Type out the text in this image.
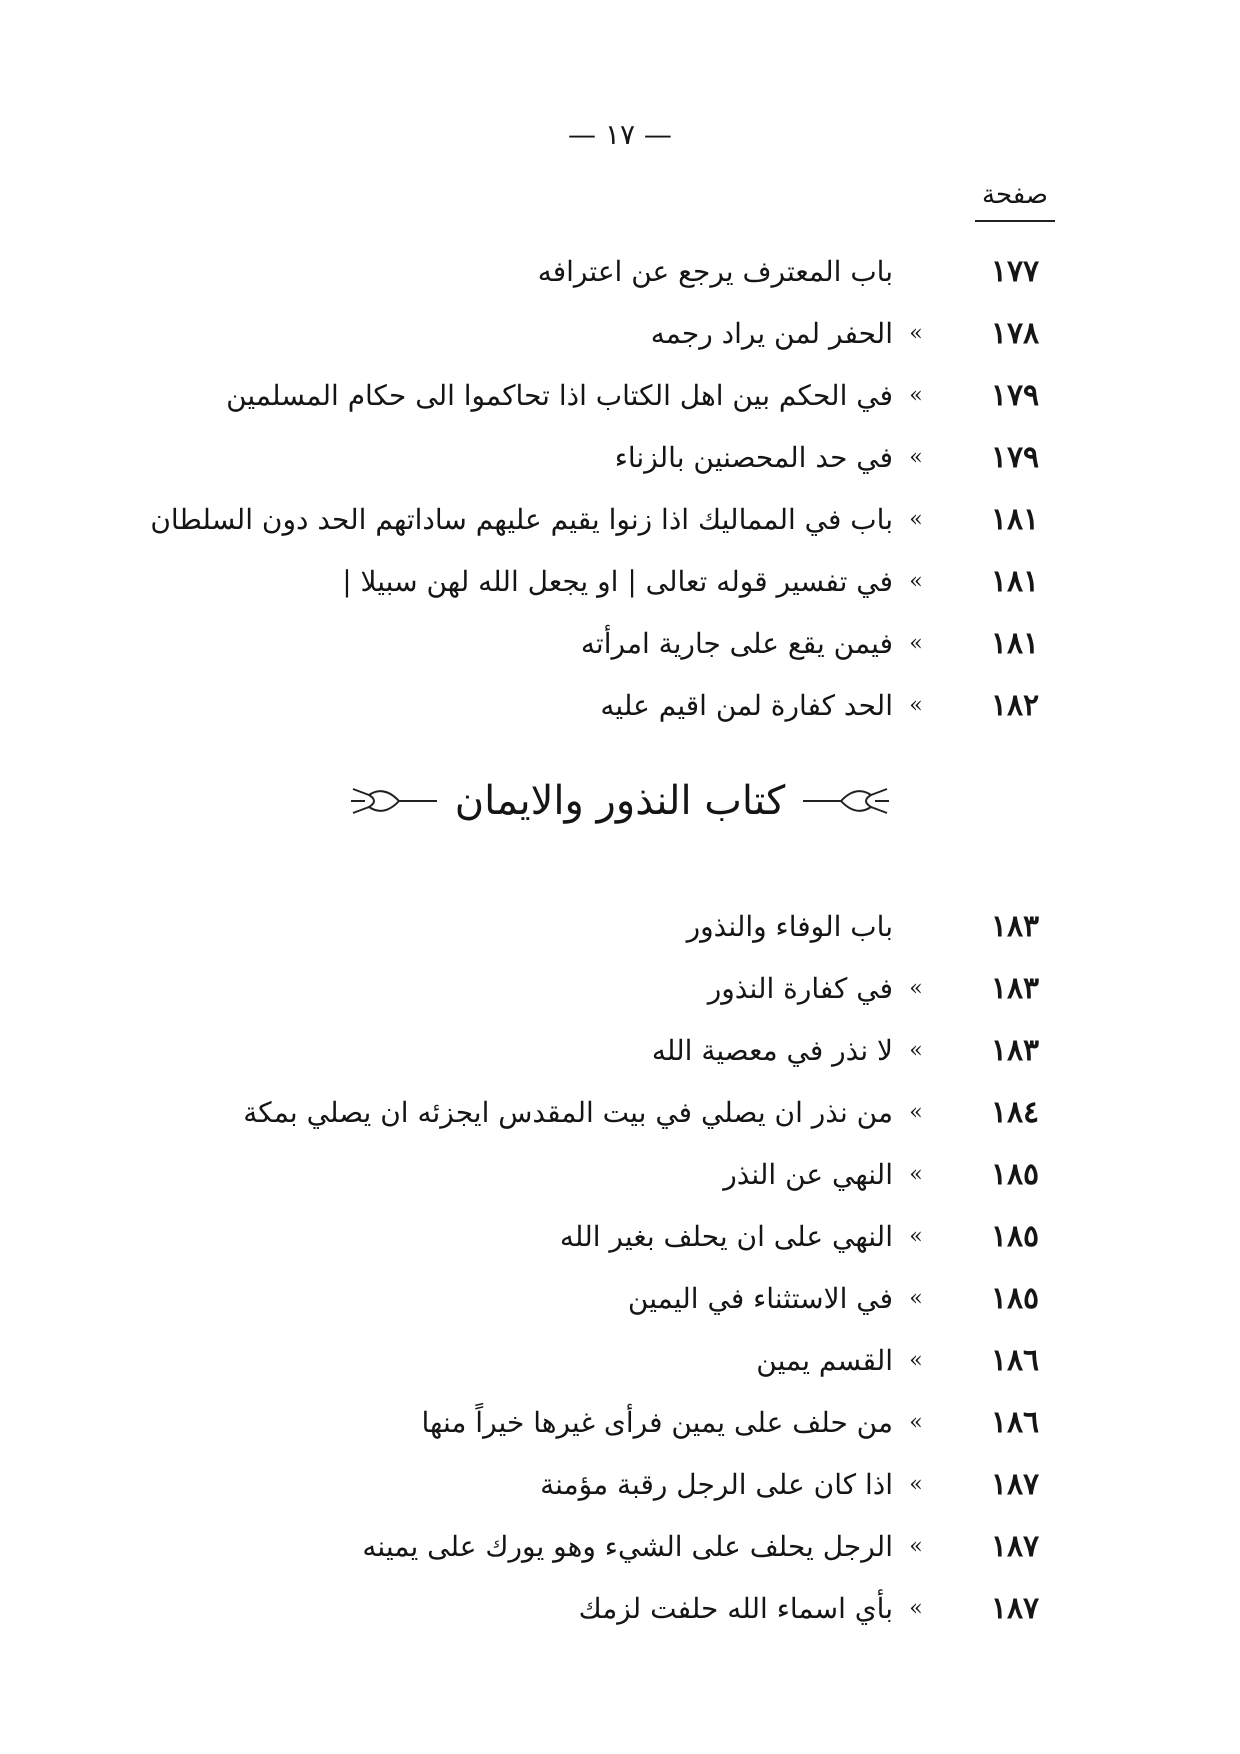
— ١٧ —
صفحة
١٧٧
باب المعترف يرجع عن اعترافه
١٧٨
»
الحفر لمن يراد رجمه
١٧٩
»
في الحكم بين اهل الكتاب اذا تحاكموا الى حكام المسلمين
١٧٩
»
في حد المحصنين بالزناء
١٨١
»
باب في المماليك اذا زنوا يقيم عليهم ساداتهم الحد دون السلطان
١٨١
»
في تفسير قوله تعالى | او يجعل الله لهن سبيلا |
١٨١
»
فيمن يقع على جارية امرأته
١٨٢
»
الحد كفارة لمن اقيم عليه
كتاب النذور والايمان
١٨٣
باب الوفاء والنذور
١٨٣
»
في كفارة النذور
١٨٣
»
لا نذر في معصية الله
١٨٤
»
من نذر ان يصلي في بيت المقدس ايجزئه ان يصلي بمكة
١٨٥
»
النهي عن النذر
١٨٥
»
النهي على ان يحلف بغير الله
١٨٥
»
في الاستثناء في اليمين
١٨٦
»
القسم يمين
١٨٦
»
من حلف على يمين فرأى غيرها خيراً منها
١٨٧
»
اذا كان على الرجل رقبة مؤمنة
١٨٧
»
الرجل يحلف على الشيء وهو يورك على يمينه
١٨٧
»
بأي اسماء الله حلفت لزمك
